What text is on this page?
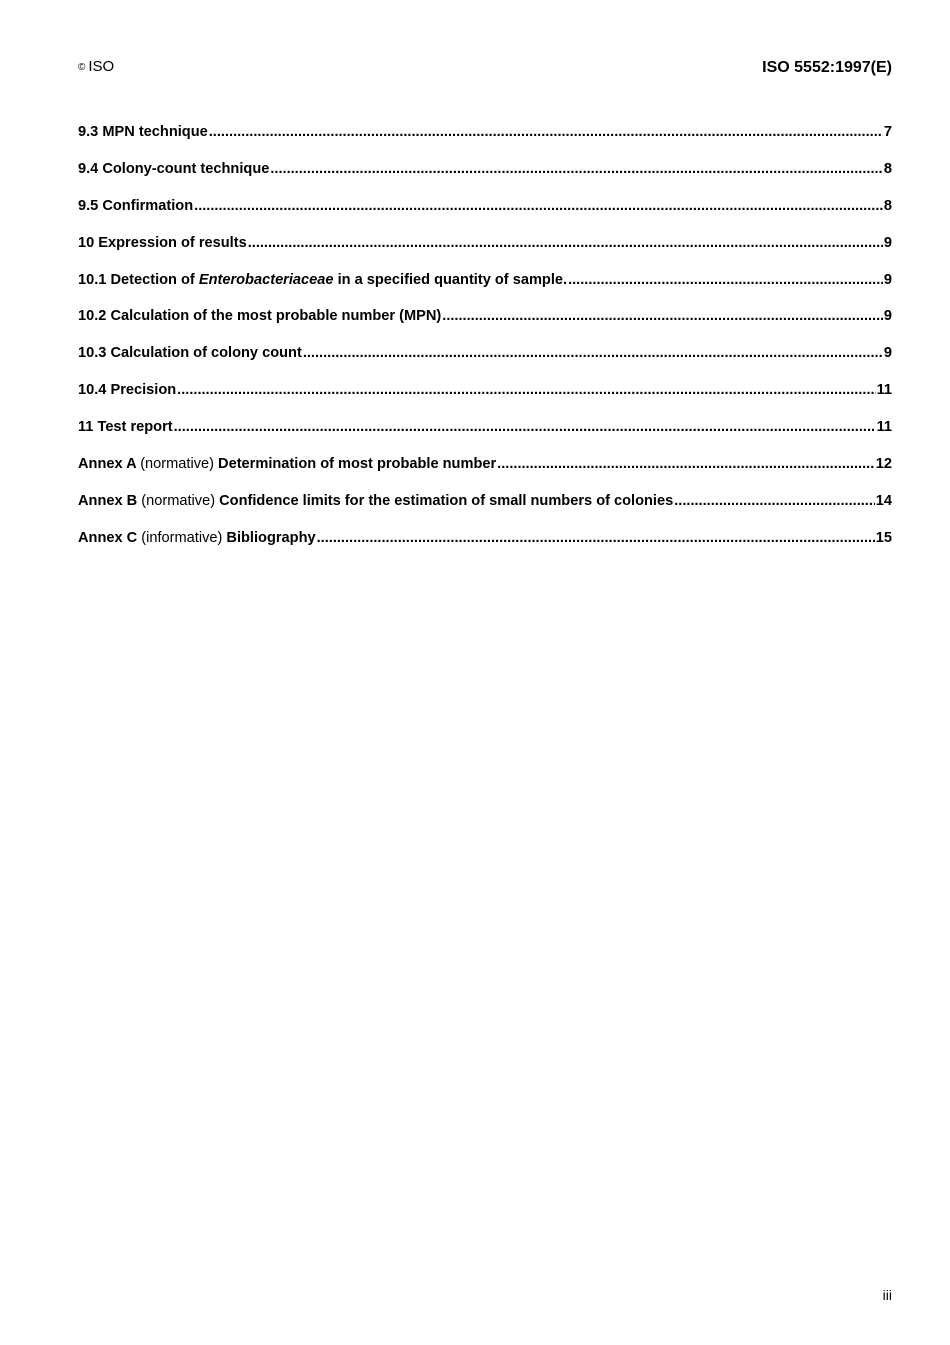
© ISO	ISO 5552:1997(E)
9.3 MPN technique .....	7
9.4 Colony-count technique .....	8
9.5 Confirmation .....	8
10 Expression of results .....	9
10.1 Detection of Enterobacteriaceae in a specified quantity of sample. .....	9
10.2 Calculation of the most probable number (MPN) .....	9
10.3 Calculation of colony count .....	9
10.4 Precision .....	11
11 Test report .....	11
Annex A (normative) Determination of most probable number .....	12
Annex B (normative) Confidence limits for the estimation of small numbers of colonies .....	14
Annex C (informative) Bibliography .....	15
iii
